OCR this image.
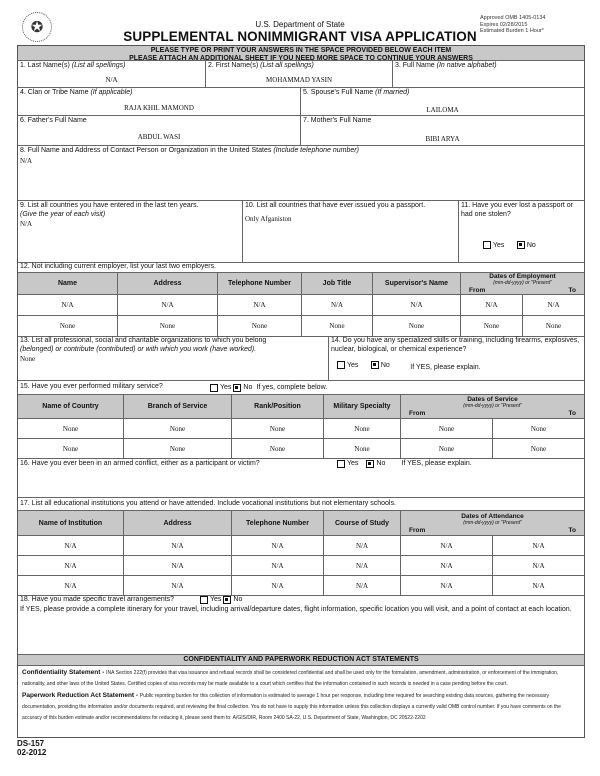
✪	U.S. Department of State
SUPPLEMENTAL NONIMMIGRANT VISA APPLICATION
Approved OMB 1405-0134
Expires 02/28/2015
Estimated Burden 1 Hour*
PLEASE TYPE OR PRINT YOUR ANSWERS IN THE SPACE PROVIDED BELOW EACH ITEM
PLEASE ATTACH AN ADDITIONAL SHEET IF YOU NEED MORE SPACE TO CONTINUE YOUR ANSWERS
1. Last Name(s) (List all spellings)
N/A
2. First Name(s) (List all spellings)
MOHAMMAD YASIN
3. Full Name (In native alphabet)
4. Clan or Tribe Name (If applicable)
RAJA KHIL MAMOND
5. Spouse's Full Name (If married)
LAILOMA
6. Father's Full Name
ABDUL WASI
7. Mother's Full Name
BIBI ARYA
8. Full Name and Address of Contact Person or Organization in the United States (Include telephone number)
N/A
9. List all countries you have entered in the last ten years.
(Give the year of each visit)
N/A
10. List all countries that have ever issued you a passport.
Only Afganiston
11. Have you ever lost a passport or had one stolen?
Yes
	No
12. Not including current employer, list your last two employers.
Name	Address	Telephone Number	Job Title	Supervisor's Name
Dates of Employment
(mm-dd-yyyy) or "Present"
From	To
N/A	N/A	N/A	N/A	N/A	N/A	N/A
None	None	None	None	None	None	None
13. List all professional, social and charitable organizations to which you belong
(belonged) or contribute (contributed) or with which you work (have worked).
None
14. Do you have any specialized skills or training, including firearms, explosives, nuclear, biological, or chemical experience?
Yes
	No	If YES, please explain.
15. Have you ever performed military service?	Yes No If yes, complete below.
Name of Country	Branch of Service	Rank/Position	Military Specialty
Dates of Service
(mm-dd-yyyy) or "Present"
From	To
None	None	None	None	None	None
None	None	None	None	None	None
16. Have you ever been in an armed conflict, either as a participant or victim?	Yes	No If YES, please explain.
17. List all educational institutions you attend or have attended. Include vocational institutions but not elementary schools.
Name of Institution	Address	Telephone Number	Course of Study
Dates of Attendance
(mm-dd-yyyy) or "Present"
From	To
N/A	N/A	N/A	N/A	N/A	N/A
N/A	N/A	N/A	N/A	N/A	N/A
N/A	N/A	N/A	N/A	N/A	N/A
18. Have you made specific travel arrangements?	Yes No
If YES, please provide a complete itinerary for your travel, including arrival/departure dates, flight information, specific location you will visit, and a point of contact at each location.
CONFIDENTIALITY AND PAPERWORK REDUCTION ACT STATEMENTS
Confidentiality Statement - INA Section 222(f) provides that visa issuance and refusal records shall be considered confidential and shall be used only for the formulation, amendment, administration, or enforcement of the immigration, nationality, and other laws of the United States. Certified copies of visa records may be made available to a court which certifies that the information contained in such records is needed in a case pending before the court.
Paperwork Reduction Act Statement - Public reporting burden for this collection of information is estimated to average 1 hour per response, including time required for searching existing data sources, gathering the necessary documentation, providing the information and/or documents required, and reviewing the final collection. You do not have to supply this information unless this collection displays a currently valid OMB control number. If you have comments on the accuracy of this burden estimate and/or recommendations for reducing it, please send them to: A/GIS/DIR, Room 2400 SA-22, U.S. Department of State, Washington, DC 20522-2202
DS-157
02-2012
